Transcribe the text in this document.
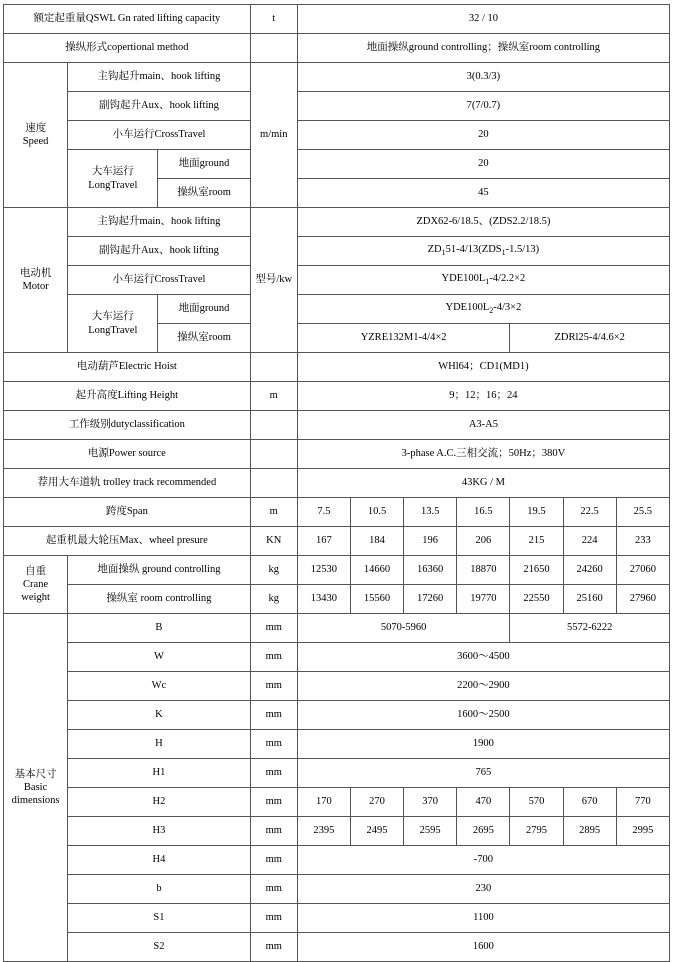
额定起重量QSWL Gn rated lifting capacity			t	32 / 10						
操纵形式copertional method				地面操纵ground controlling；操纵室room controlling						
速度
Speed	主钩起升main、hook lifting		m/min	3(0.3/3)						
	副钩起升Aux、hook lifting			7(7/0.7)						
	小车运行CrossTravel			20						
	大车运行
LongTravel	地面ground		20						
		操纵室room		45						
电动机
Motor	主钩起升main、hook lifting		型号/kw	ZDX62-6/18.5、(ZDS2.2/18.5)						
	副钩起升Aux、hook lifting			$ZD_151-4/13(ZDS_1-1.5/13)$						
	小车运行CrossTravel			$YDE100L_1-4/2.2\times 2$						
	大车运行
LongTravel	地面ground		$YDE100L_2-4/3\times 2$						
		操纵室room		YZRE132M1-4/4×2				ZDRl25-4/4.6×2		
电动葫芦Electric Hoist				WHl64；CD1(MD1)						
起升高度Lifting Height			m	9；12；16；24						
工作级别dutyclassification				A3-A5						
电源Power source				3-phase A.C.三相交流；50Hz；380V						
荐用大车道轨 trolley track recommended				43KG / M						
跨度Span			m	7.5	10.5	13.5	16.5	19.5	22.5	25.5
起重机最大轮压Max、wheel presure			KN	167	184	196	206	215	224	233
自重
Crane
weight	地面操纵 ground controlling		kg	12530	14660	16360	18870	21650	24260	27060
	操纵室 room controlling		kg	13430	15560	17260	19770	22550	25160	27960
基本尺寸
Basic
dimensions	B		mm	5070-5960				5572-6222		
	W		mm	3600～4500						
	Wc		mm	2200～2900						
	K		mm	1600～2500						
	H		mm	1900						
	H1		mm	765						
	H2		mm	170	270	370	470	570	670	770
	H3		mm	2395	2495	2595	2695	2795	2895	2995
	H4		mm	-700						
	b		mm	230						
	S1		mm	1100						
	S2		mm	1600						
